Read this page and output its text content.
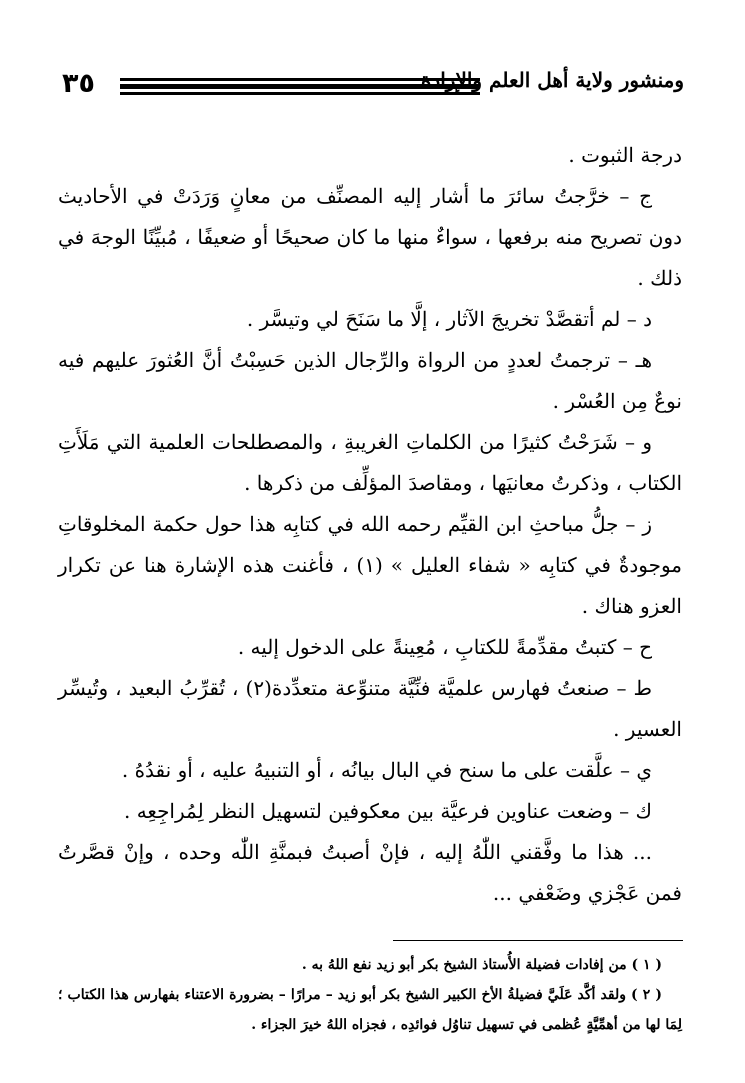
٣٥	ومنشور ولاية أهل العلم والإرادة

درجة الثبوت .

ج – خرَّجتُ سائرَ ما أشار إليه المصنِّف من معانٍ وَرَدَتْ في الأحاديث دون تصريح منه برفعها ، سواءٌ منها ما كان صحيحًا أو ضعيفًا ، مُبيِّنًا الوجهَ في ذلك .

د – لم أتقصَّدْ تخريجَ الآثار ، إلَّا ما سَنَحَ لي وتيسَّر .

هـ – ترجمتُ لعددٍ من الرواة والرِّجال الذين حَسِبْتُ أنَّ العُثورَ عليهم فيه نوعٌ مِن العُسْر .

و – شَرَحْتُ كثيرًا من الكلماتِ الغريبةِ ، والمصطلحات العلمية التي مَلَأَتِ الكتاب ، وذكرتُ معانيَها ، ومقاصدَ المؤلِّف من ذكرها .

ز – جلُّ مباحثِ ابن القيِّم رحمه الله في كتابِه هذا حول حكمة المخلوقاتِ موجودةٌ في كتابِه « شفاء العليل » (١) ، فأغنت هذه الإشارة هنا عن تكرار العزو هناك .

ح – كتبتُ مقدِّمةً للكتابِ ، مُعِينةً على الدخول إليه .

ط – صنعتُ فهارس علميَّة فنِّيَّة متنوِّعة متعدِّدة(٢) ، تُقرِّبُ البعيد ، وتُيسِّر العسير .

ي – علَّقت على ما سنح في البال بيانُه ، أو التنبيهُ عليه ، أو نقدُهُ .

ك – وضعت عناوين فرعيَّة بين معكوفين لتسهيل النظر لِمُراجِعِه .

... هذا ما وفَّقني اللّٰهُ إليه ، فإنْ أصبتُ فبمنَّةِ اللّٰه وحده ، وإنْ قصَّرتُ فمن عَجْزي وضَعْفي ...

( ١ ) من إفادات فضيلة الأُستاذ الشيخ بكر أبو زيد نفع اللهُ به .

( ٢ ) ولقد أكَّد عَلَيَّ فضيلةُ الأخ الكبير الشيخ بكر أبو زيد – مرارًا – بضرورة الاعتناء بفهارس هذا الكتاب ؛ لِمَا لها من أهمِّيَّةٍ عُظمى في تسهيل تناوُل فوائدِه ، فجزاه اللهُ خيرَ الجزاء .
